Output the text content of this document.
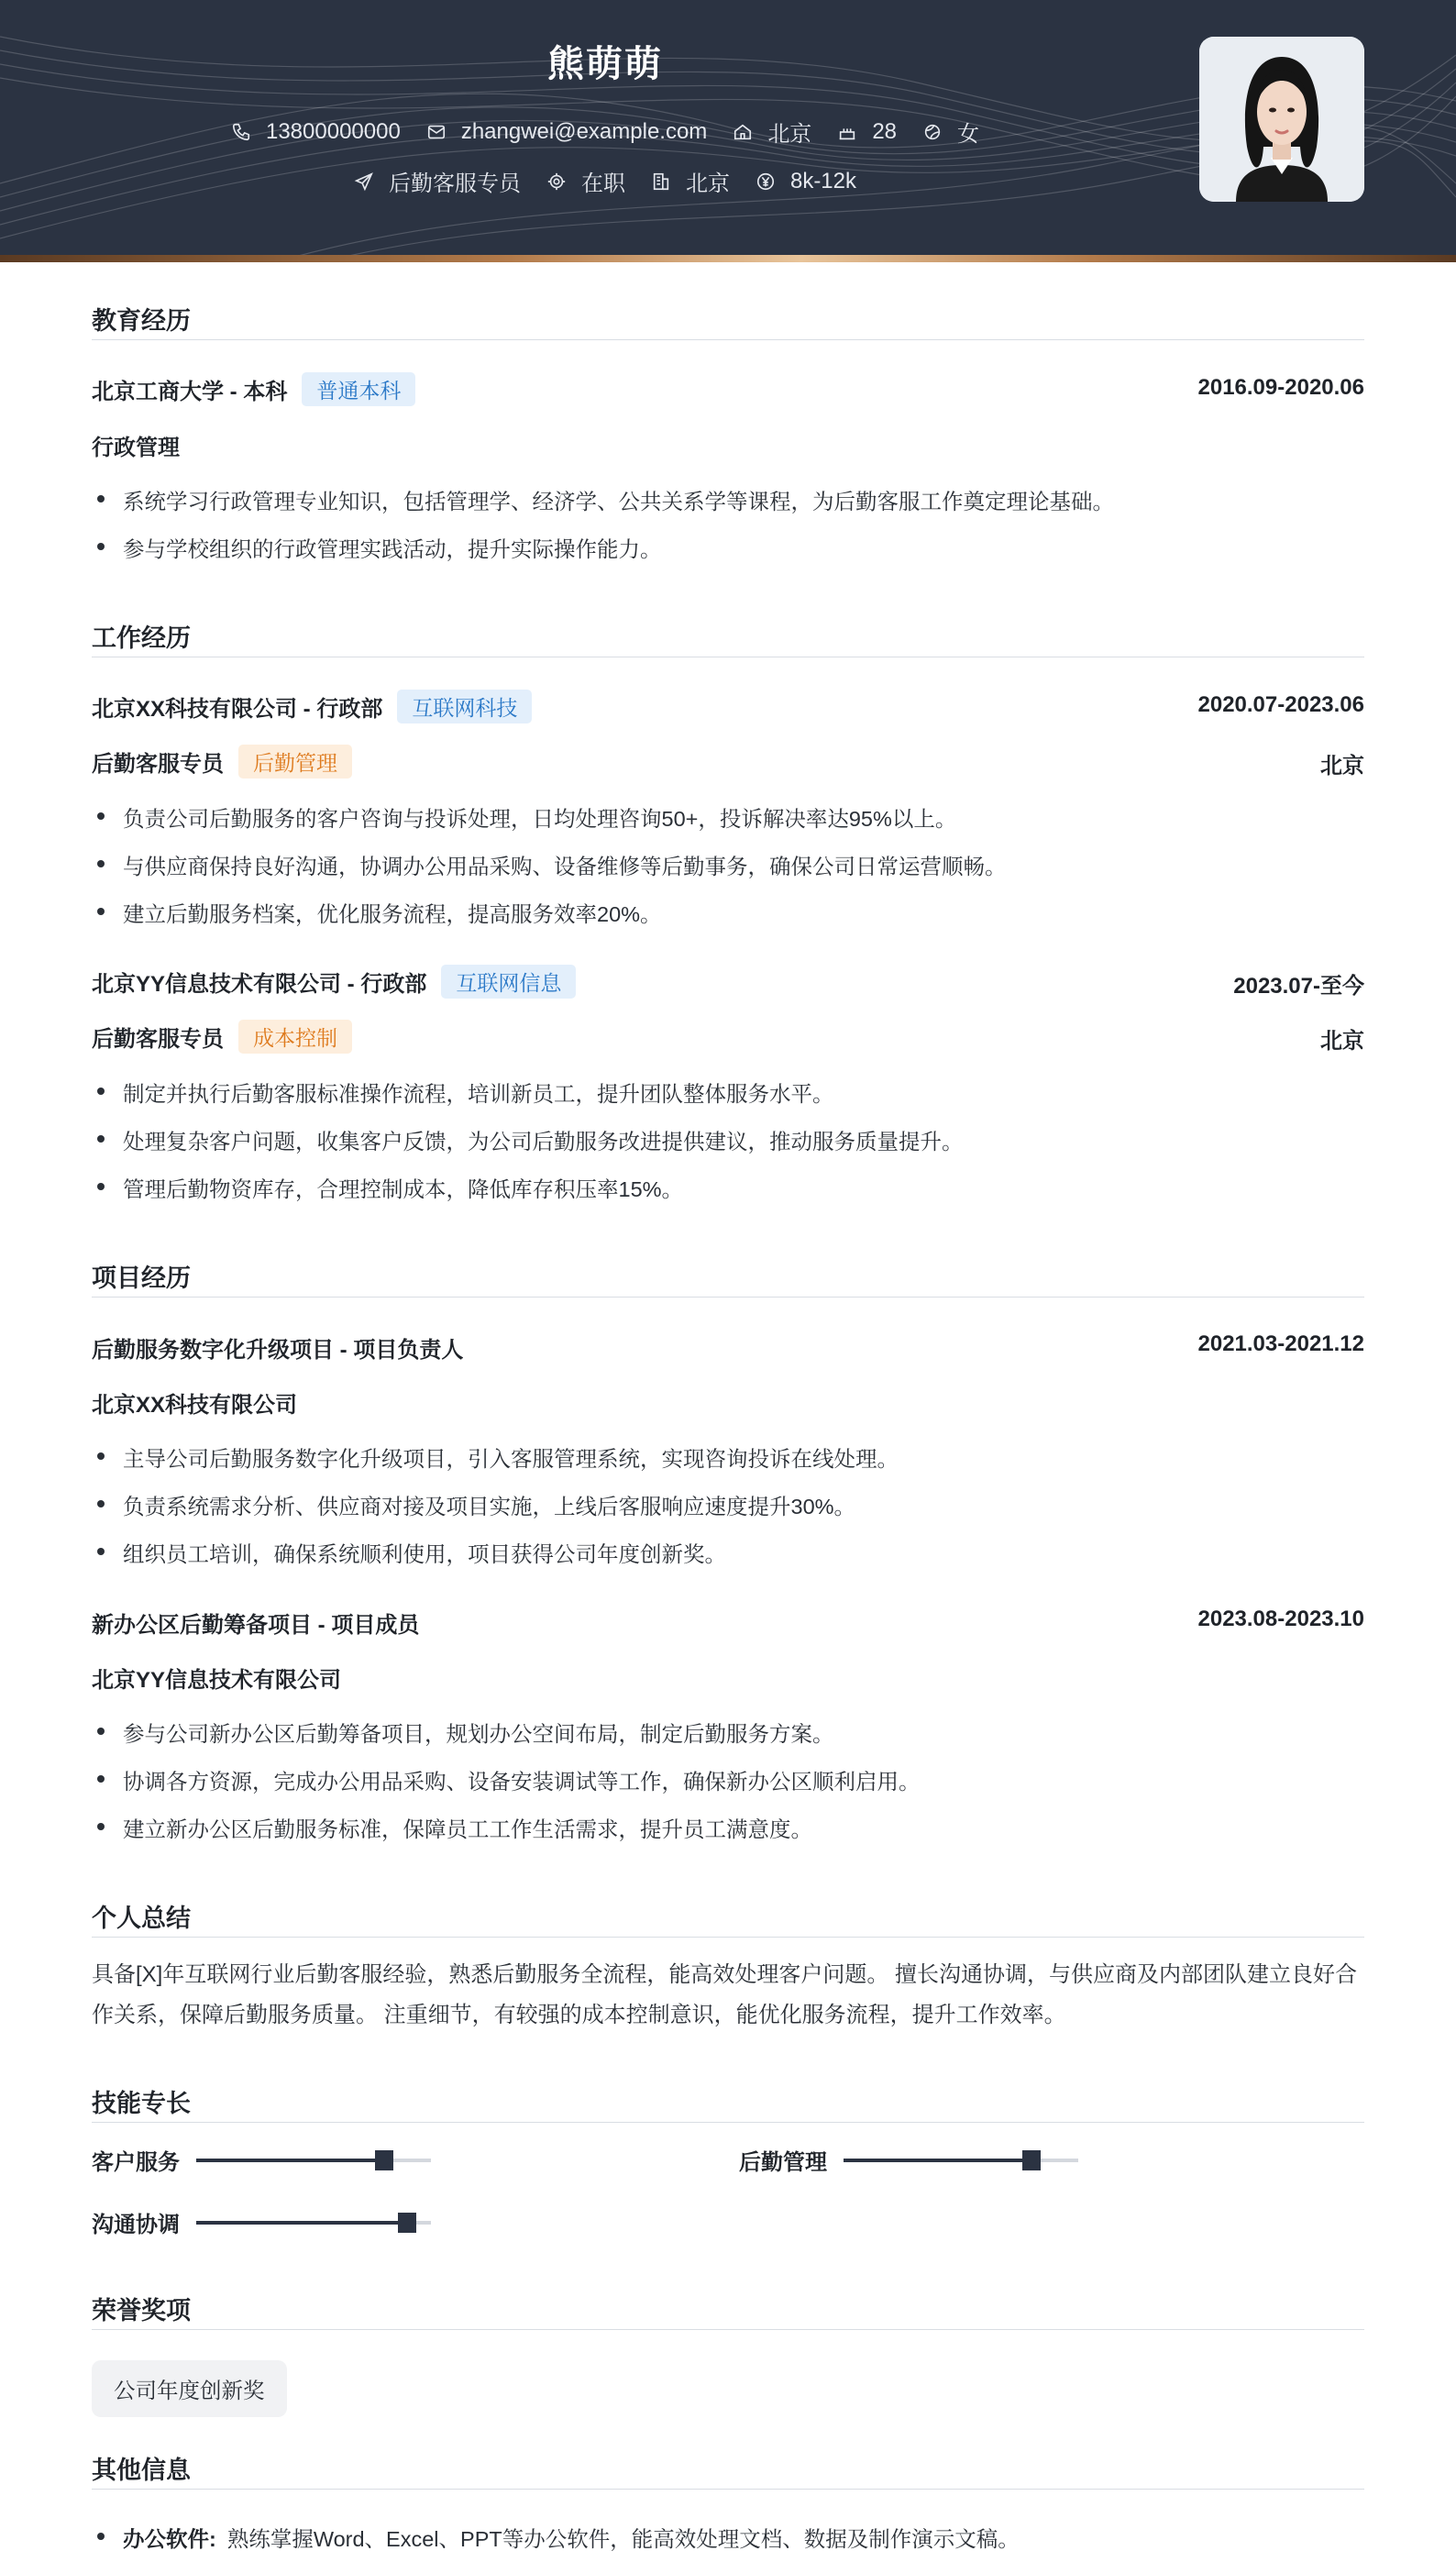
熊萌萌
13800000000	zhangwei@example.com	北京	28	女
后勤客服专员	在职	北京	8k-12k
教育经历
北京工商大学 - 本科	普通本科	2016.09-2020.06
行政管理
系统学习行政管理专业知识，包括管理学、经济学、公共关系学等课程，为后勤客服工作奠定理论基础。
参与学校组织的行政管理实践活动，提升实际操作能力。
工作经历
北京XX科技有限公司 - 行政部	互联网科技	2020.07-2023.06
后勤客服专员	后勤管理	北京
负责公司后勤服务的客户咨询与投诉处理，日均处理咨询50+，投诉解决率达95%以上。
与供应商保持良好沟通，协调办公用品采购、设备维修等后勤事务，确保公司日常运营顺畅。
建立后勤服务档案，优化服务流程，提高服务效率20%。
北京YY信息技术有限公司 - 行政部	互联网信息	2023.07-至今
后勤客服专员	成本控制	北京
制定并执行后勤客服标准操作流程，培训新员工，提升团队整体服务水平。
处理复杂客户问题，收集客户反馈，为公司后勤服务改进提供建议，推动服务质量提升。
管理后勤物资库存，合理控制成本，降低库存积压率15%。
项目经历
后勤服务数字化升级项目 - 项目负责人	2021.03-2021.12
北京XX科技有限公司
主导公司后勤服务数字化升级项目，引入客服管理系统，实现咨询投诉在线处理。
负责系统需求分析、供应商对接及项目实施，上线后客服响应速度提升30%。
组织员工培训，确保系统顺利使用，项目获得公司年度创新奖。
新办公区后勤筹备项目 - 项目成员	2023.08-2023.10
北京YY信息技术有限公司
参与公司新办公区后勤筹备项目，规划办公空间布局，制定后勤服务方案。
协调各方资源，完成办公用品采购、设备安装调试等工作，确保新办公区顺利启用。
建立新办公区后勤服务标准，保障员工工作生活需求，提升员工满意度。
个人总结
具备[X]年互联网行业后勤客服经验，熟悉后勤服务全流程，能高效处理客户问题。 擅长沟通协调，与供应商及内部团队建立良好合作关系，保障后勤服务质量。 注重细节，有较强的成本控制意识，能优化服务流程，提升工作效率。
技能专长
客户服务	后勤管理
沟通协调
荣誉奖项
公司年度创新奖
其他信息
办公软件: 熟练掌握Word、Excel、PPT等办公软件，能高效处理文档、数据及制作演示文稿。
